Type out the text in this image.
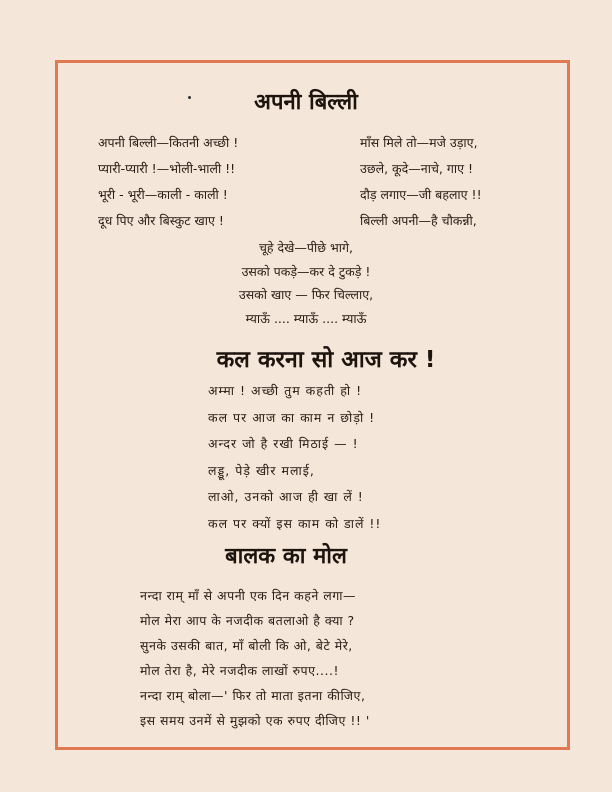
अपनी बिल्ली
अपनी बिल्ली—कितनी अच्छी !
प्यारी-प्यारी !—भोली-भाली !!
भूरी - भूरी—काली - काली !
दूध पिए और बिस्कुट खाए !
माँस मिले तो—मजे उड़ाए,
उछले, कूदे—नाचे, गाए !
दौड़ लगाए—जी बहलाए !!
बिल्ली अपनी—है चौकन्नी,
चूहे देखे—पीछे भागे,
उसको पकड़े—कर दे टुकड़े !
उसको खाए — फिर चिल्लाए,
म्याऊँ .... म्याऊँ .... म्याऊँ
कल करना सो आज कर !
अम्मा ! अच्छी तुम कहती हो !
कल पर आज का काम न छोड़ो !
अन्दर जो है रखी मिठाई — !
लड्डू, पेड़े खीर मलाई,
लाओ, उनको आज ही खा लें !
कल पर क्यों इस काम को डालें !!
बालक का मोल
नन्दा राम् माँ से अपनी एक दिन कहने लगा—
मोल मेरा आप के नजदीक बतलाओ है क्या ?
सुनके उसकी बात, माँ बोली कि ओ, बेटे मेरे,
मोल तेरा है, मेरे नजदीक लाखों रुपए....!
नन्दा राम् बोला—' फिर तो माता इतना कीजिए,
इस समय उनमें से मुझको एक रुपए दीजिए !! '
